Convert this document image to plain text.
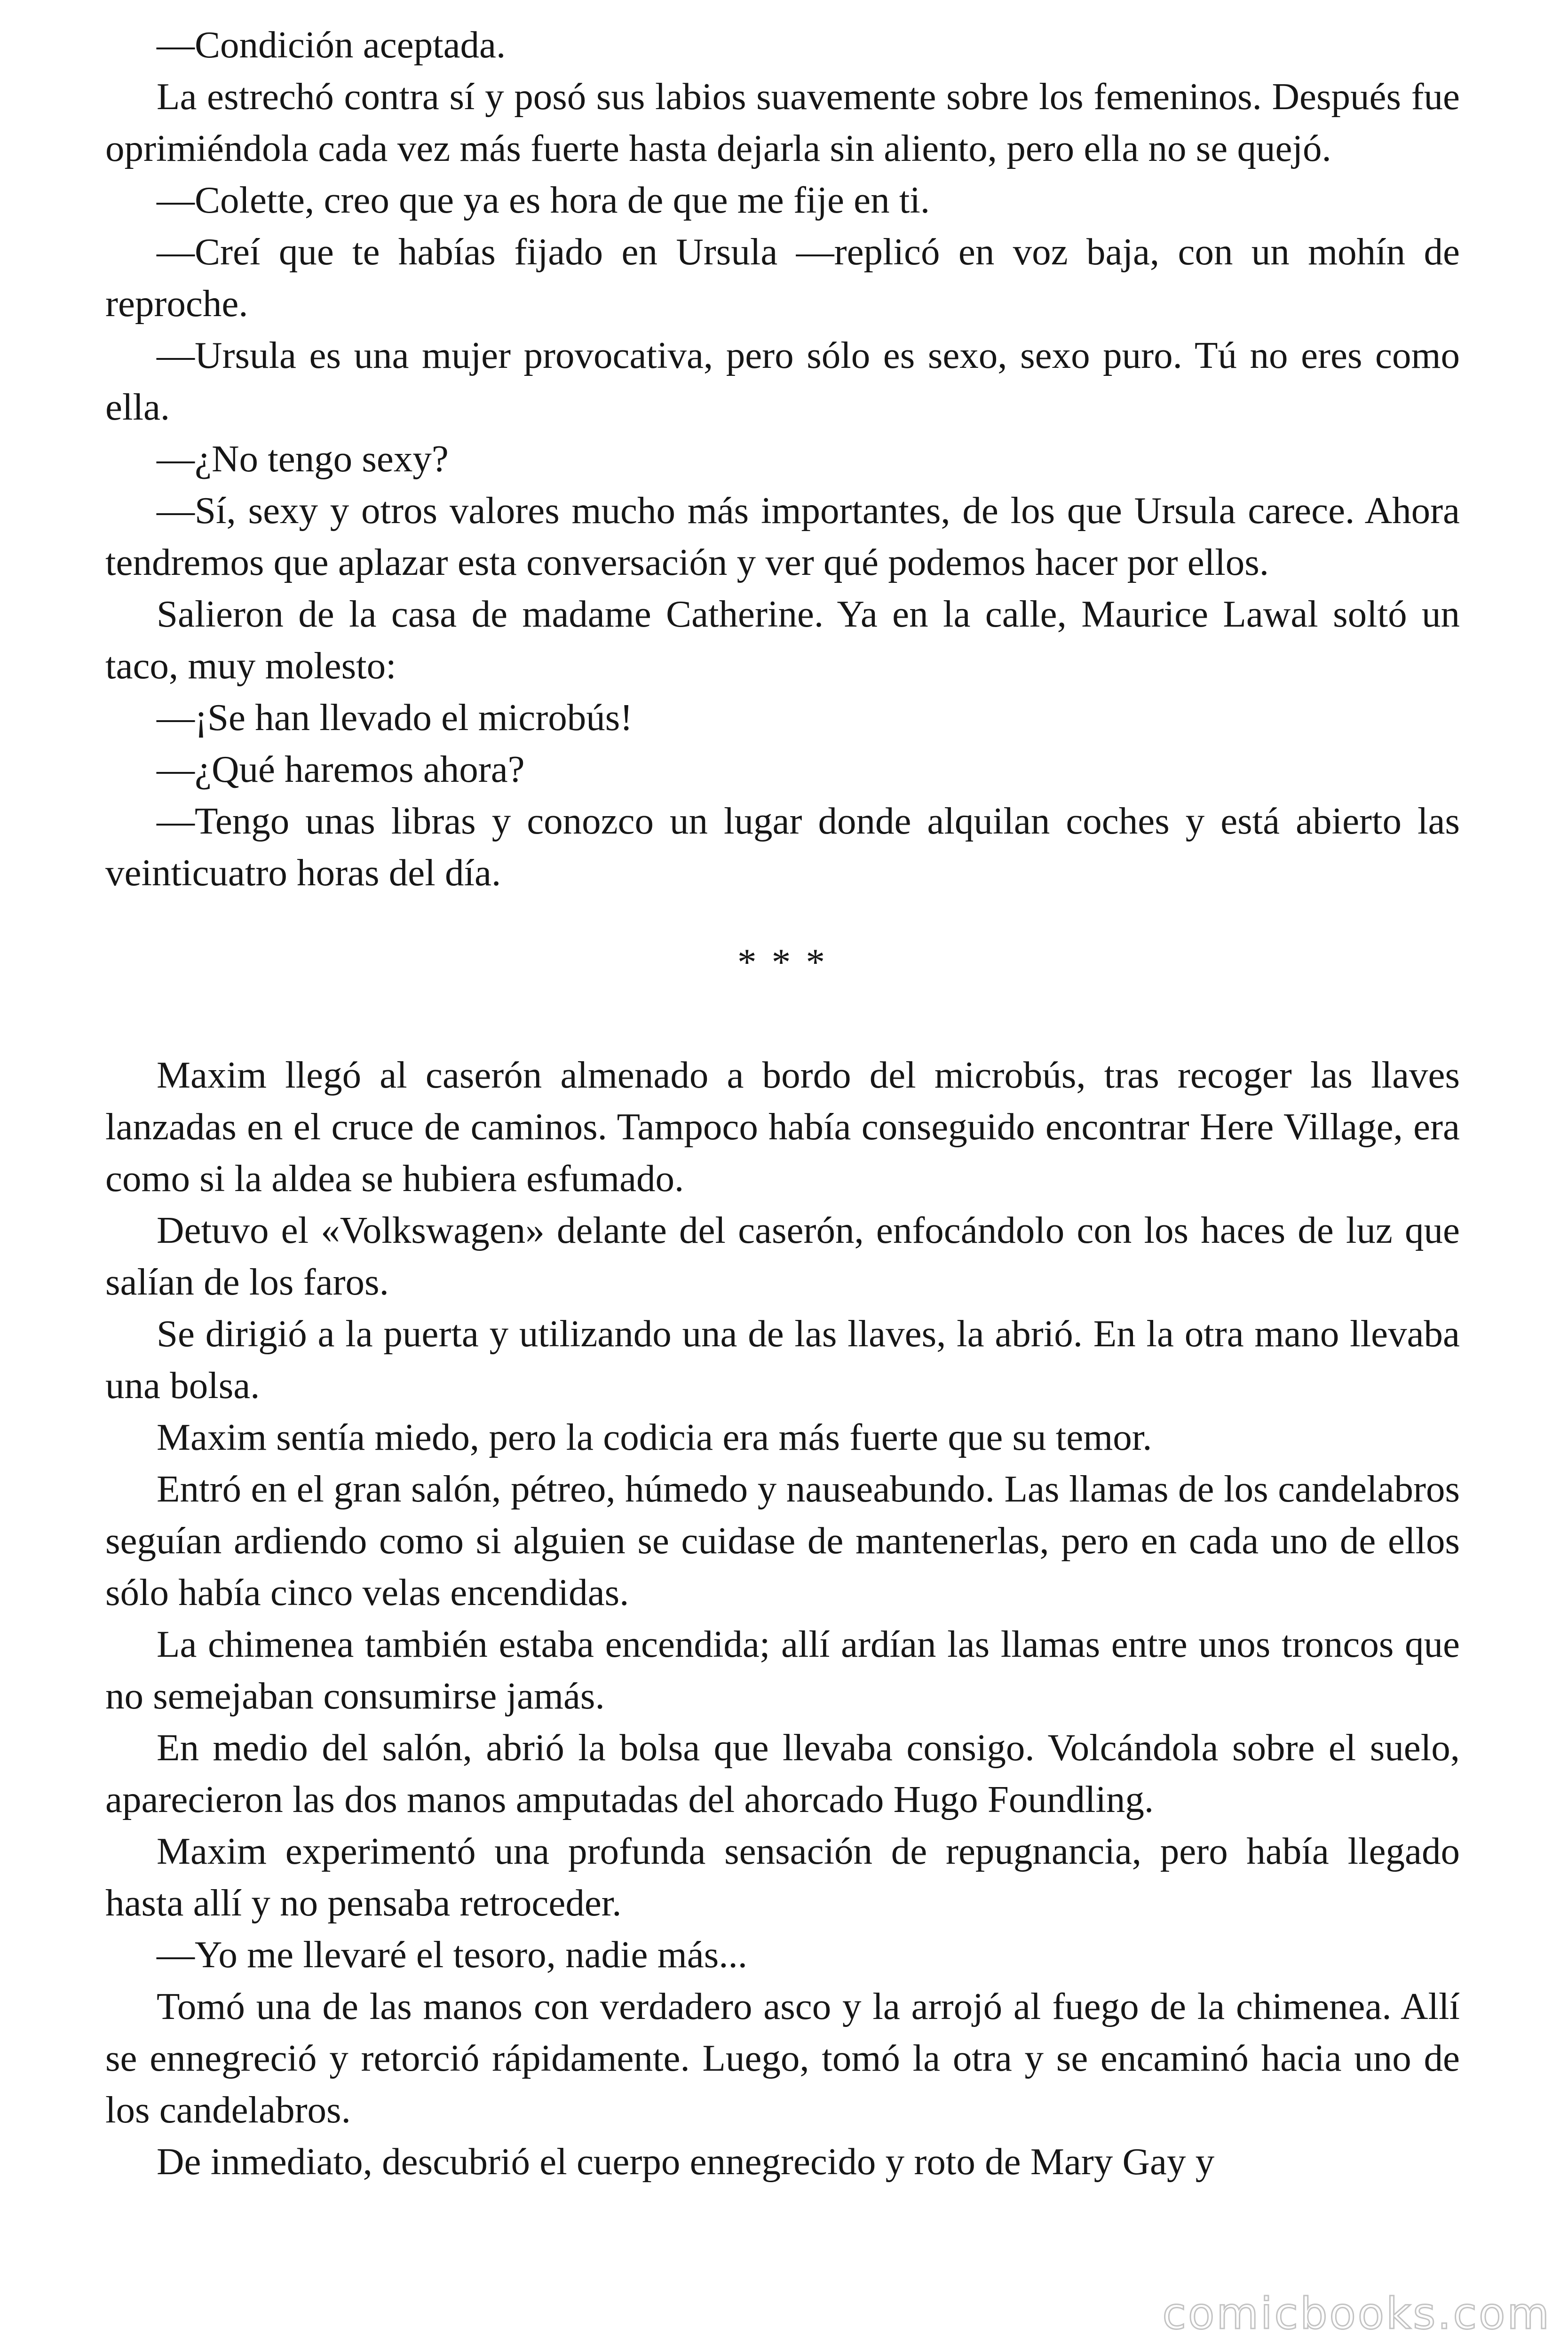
—Condición aceptada.

La estrechó contra sí y posó sus labios suavemente sobre los femeninos. Después fue oprimiéndola cada vez más fuerte hasta dejarla sin aliento, pero ella no se quejó.

—Colette, creo que ya es hora de que me fije en ti.

—Creí que te habías fijado en Ursula —replicó en voz baja, con un mohín de reproche.

—Ursula es una mujer provocativa, pero sólo es sexo, sexo puro. Tú no eres como ella.

—¿No tengo sexy?

—Sí, sexy y otros valores mucho más importantes, de los que Ursula carece. Ahora tendremos que aplazar esta conversación y ver qué podemos hacer por ellos.

Salieron de la casa de madame Catherine. Ya en la calle, Maurice Lawal soltó un taco, muy molesto:

—¡Se han llevado el microbús!

—¿Qué haremos ahora?

—Tengo unas libras y conozco un lugar donde alquilan coches y está abierto las veinticuatro horas del día.

* * *

Maxim llegó al caserón almenado a bordo del microbús, tras recoger las llaves lanzadas en el cruce de caminos. Tampoco había conseguido encontrar Here Village, era como si la aldea se hubiera esfumado.

Detuvo el «Volkswagen» delante del caserón, enfocándolo con los haces de luz que salían de los faros.

Se dirigió a la puerta y utilizando una de las llaves, la abrió. En la otra mano llevaba una bolsa.

Maxim sentía miedo, pero la codicia era más fuerte que su temor.

Entró en el gran salón, pétreo, húmedo y nauseabundo. Las llamas de los candelabros seguían ardiendo como si alguien se cuidase de mantenerlas, pero en cada uno de ellos sólo había cinco velas encendidas.

La chimenea también estaba encendida; allí ardían las llamas entre unos troncos que no semejaban consumirse jamás.

En medio del salón, abrió la bolsa que llevaba consigo. Volcándola sobre el suelo, aparecieron las dos manos amputadas del ahorcado Hugo Foundling.

Maxim experimentó una profunda sensación de repugnancia, pero había llegado hasta allí y no pensaba retroceder.

—Yo me llevaré el tesoro, nadie más...

Tomó una de las manos con verdadero asco y la arrojó al fuego de la chimenea. Allí se ennegreció y retorció rápidamente. Luego, tomó la otra y se encaminó hacia uno de los candelabros.

De inmediato, descubrió el cuerpo ennegrecido y roto de Mary Gay y

comicbooks.com
